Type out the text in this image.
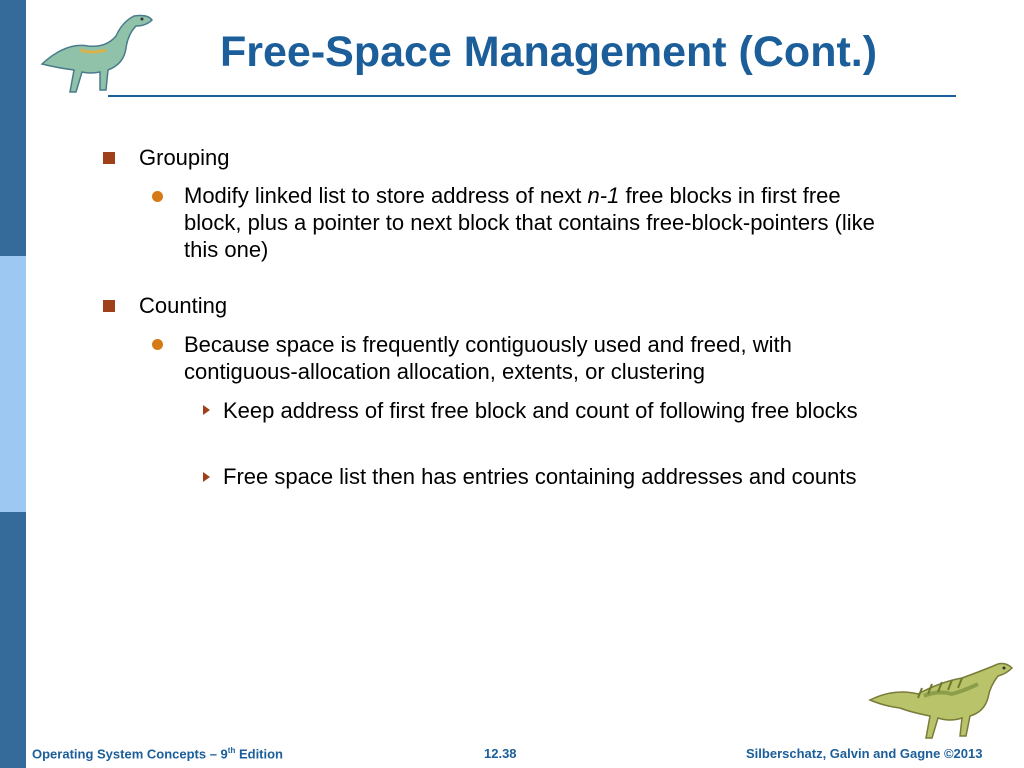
Free-Space Management (Cont.)
Grouping
Modify linked list to store address of next n-1 free blocks in first free block, plus a pointer to next block that contains free-block-pointers (like this one)
Counting
Because space is frequently contiguously used and freed, with contiguous-allocation allocation, extents, or clustering
Keep address of first free block and count of following free blocks
Free space list then has entries containing addresses and counts
Operating System Concepts – 9th Edition	12.38	Silberschatz, Galvin and Gagne ©2013
